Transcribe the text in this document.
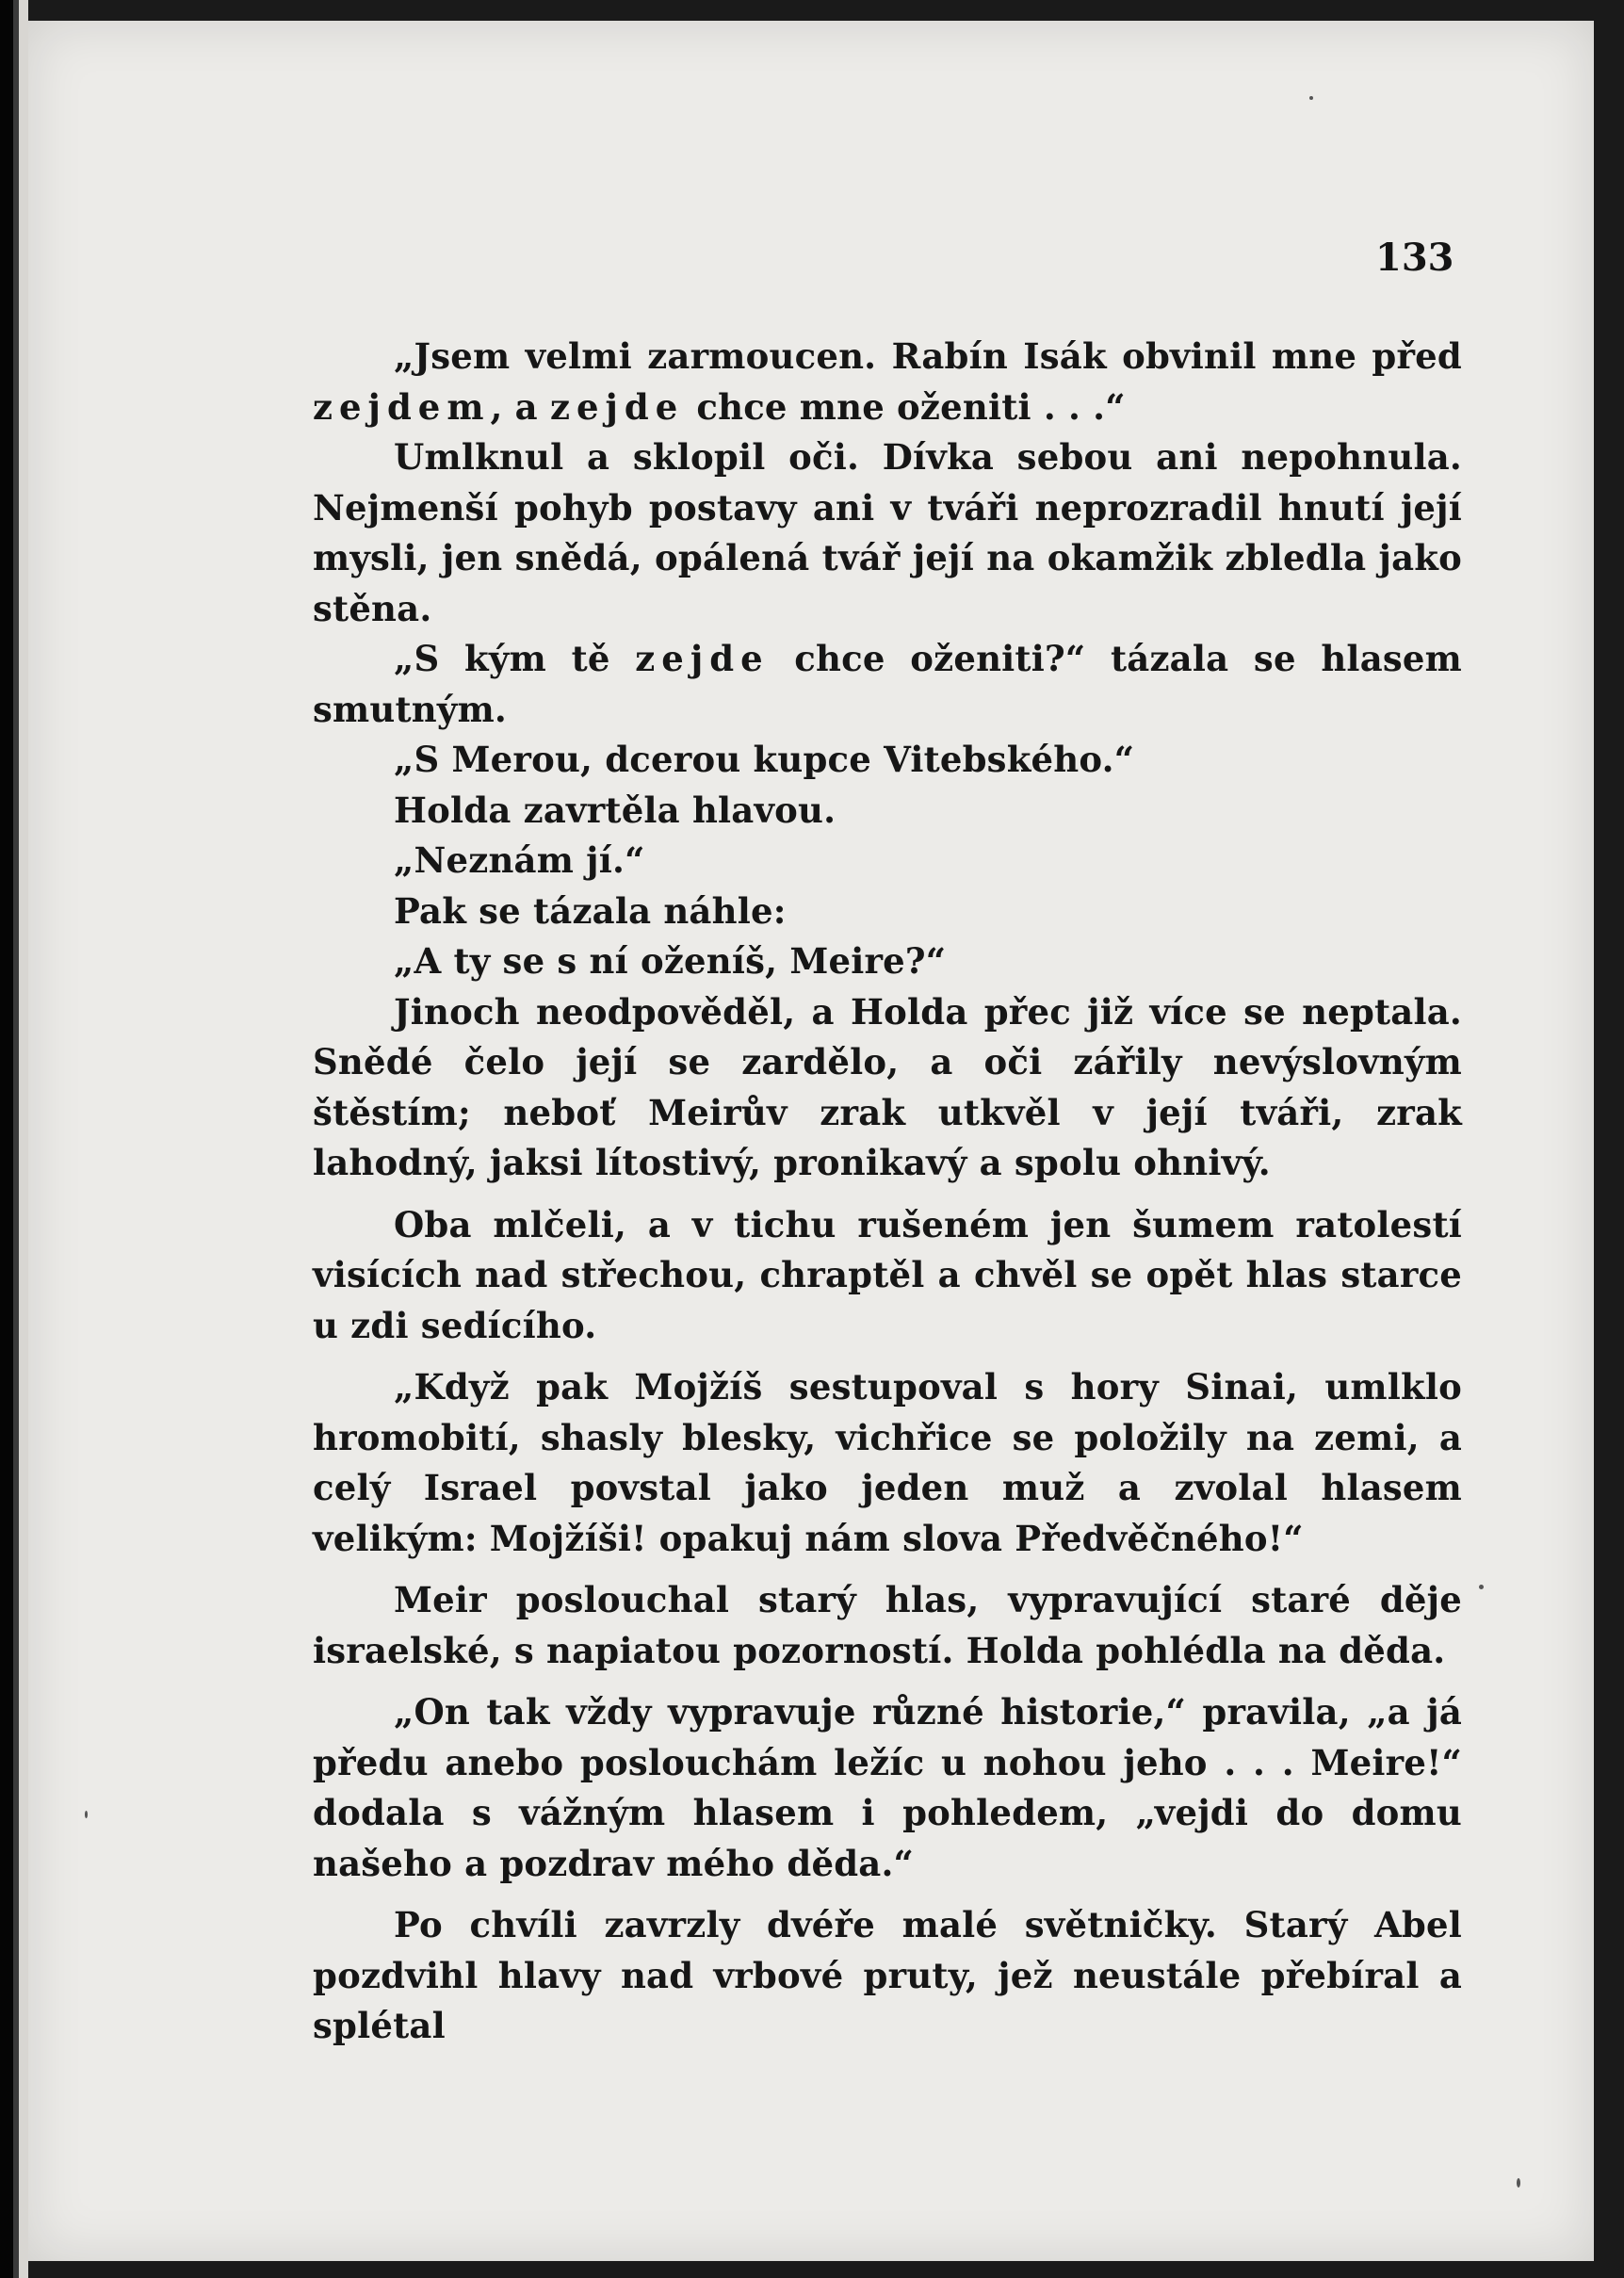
133

„Jsem velmi zarmoucen. Rabín Isák obvinil mne před zejdem, a zejde chce mne oženiti . . .“

Umlknul a sklopil oči. Dívka sebou ani nepohnula. Nejmenší pohyb postavy ani v tváři neprozradil hnutí její mysli, jen snědá, opálená tvář její na okamžik zbledla jako stěna.

„S kým tě zejde chce oženiti?“ tázala se hlasem smutným.

„S Merou, dcerou kupce Vitebského.“

Holda zavrtěla hlavou.

„Neznám jí.“

Pak se tázala náhle:

„A ty se s ní oženíš, Meire?“

Jinoch neodpověděl, a Holda přec již více se neptala. Snědé čelo její se zardělo, a oči zářily nevýslovným štěstím; neboť Meirův zrak utkvěl v její tváři, zrak lahodný, jaksi lítostivý, pronikavý a spolu ohnivý.

Oba mlčeli, a v tichu rušeném jen šumem ratolestí visících nad střechou, chraptěl a chvěl se opět hlas starce u zdi sedícího.

„Když pak Mojžíš sestupoval s hory Sinai, umlklo hromobití, shasly blesky, vichřice se položily na zemi, a celý Israel povstal jako jeden muž a zvolal hlasem velikým: Mojžíši! opakuj nám slova Předvěčného!“

Meir poslouchal starý hlas, vypravující staré děje israelské, s napiatou pozorností. Holda pohlédla na děda.

„On tak vždy vypravuje různé historie,“ pravila, „a já předu anebo poslouchám ležíc u nohou jeho . . . Meire!“ dodala s vážným hlasem i pohledem, „vejdi do domu našeho a pozdrav mého děda.“

Po chvíli zavrzly dvéře malé světničky. Starý Abel pozdvihl hlavy nad vrbové pruty, jež neustále přebíral a splétal
